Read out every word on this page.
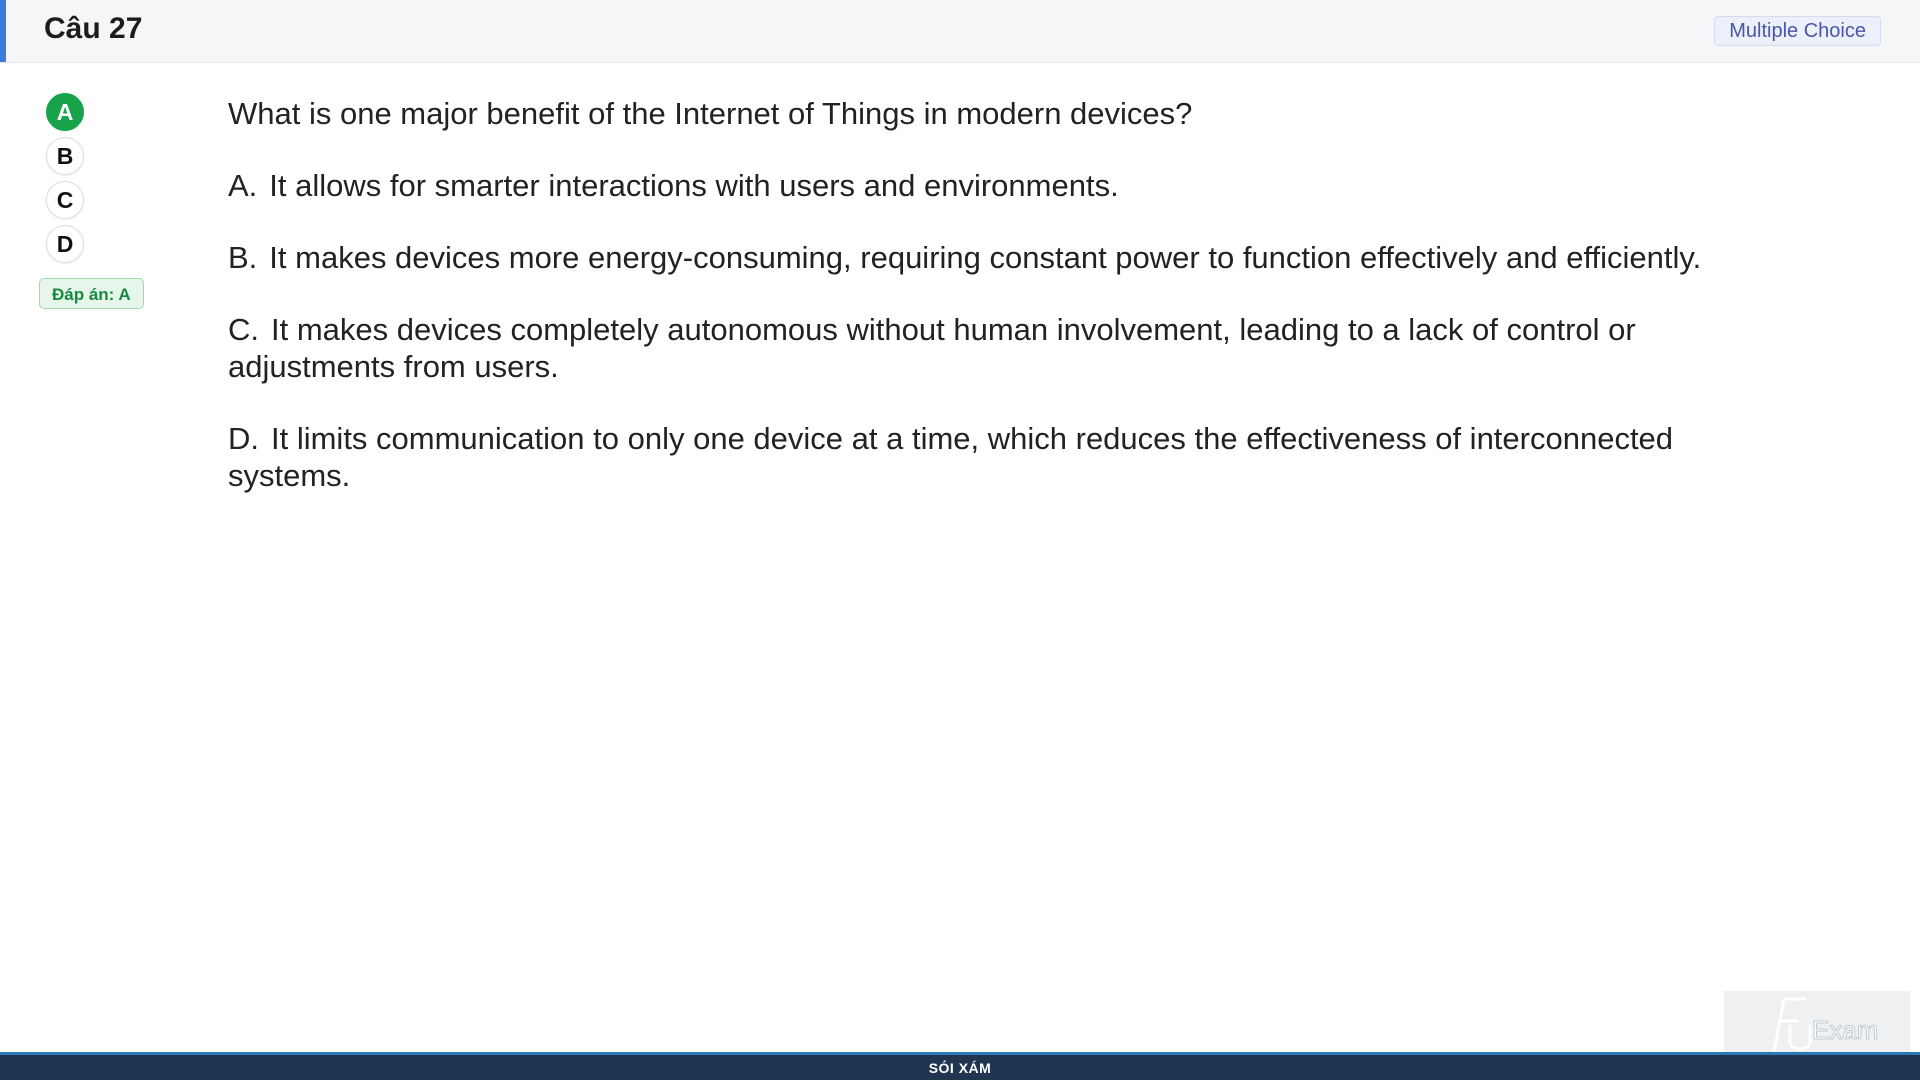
Câu 27	Multiple Choice
A
B
C
D
Đáp án: A

What is one major benefit of the Internet of Things in modern devices?

A. It allows for smarter interactions with users and environments.

B. It makes devices more energy-consuming, requiring constant power to function effectively and efficiently.

C. It makes devices completely autonomous without human involvement, leading to a lack of control or adjustments from users.

D. It limits communication to only one device at a time, which reduces the effectiveness of interconnected systems.

Exam
SÓI XÁM
